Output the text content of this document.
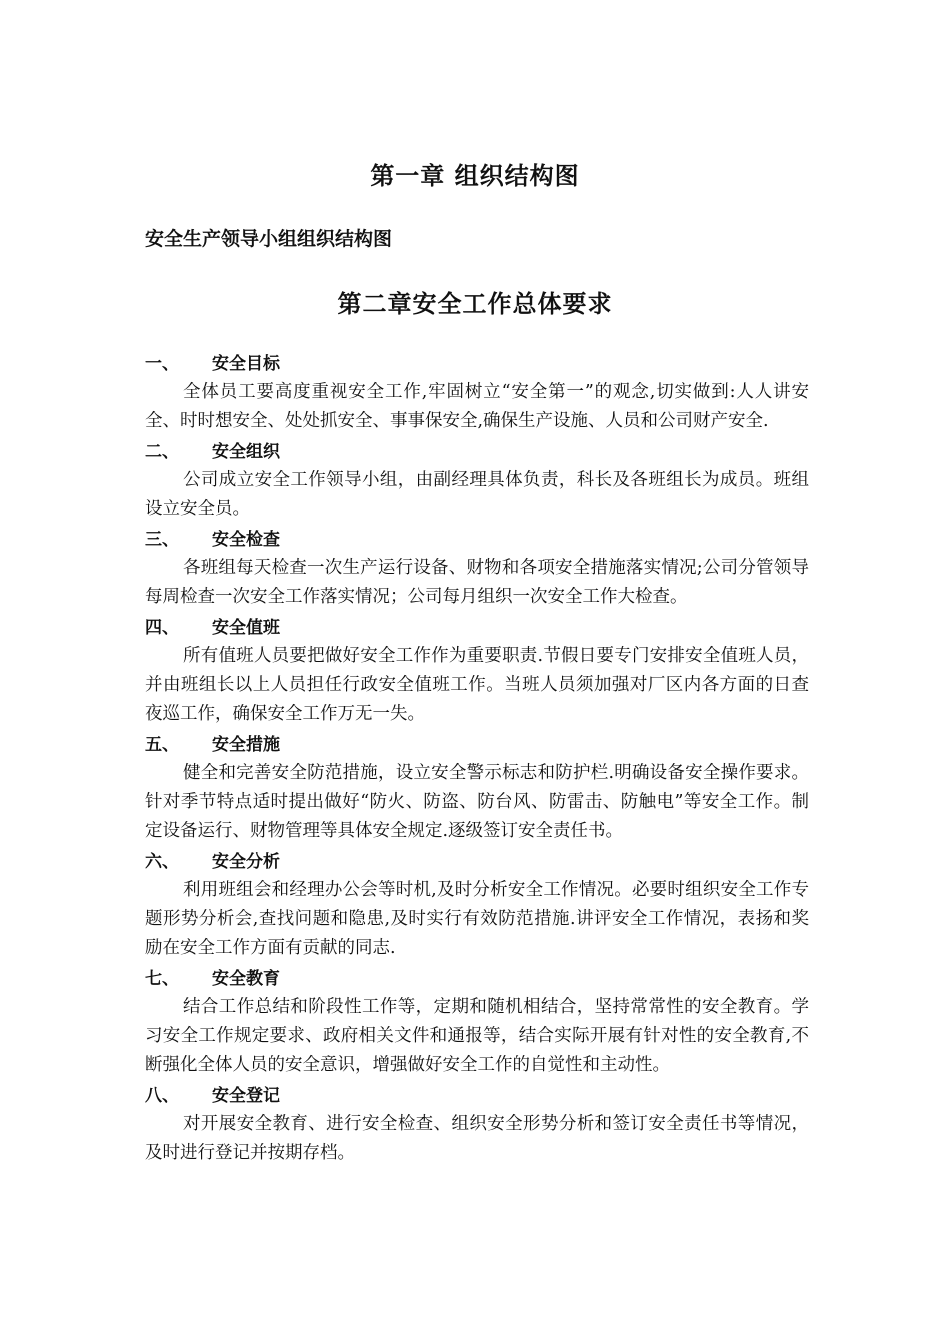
第一章 组织结构图
安全生产领导小组组织结构图
第二章安全工作总体要求
一、 安全目标

全体员工要高度重视安全工作,牢固树立“安全第一”的观念,切实做到:人人讲安全、时时想安全、处处抓安全、事事保安全,确保生产设施、人员和公司财产安全.

二、 安全组织

公司成立安全工作领导小组，由副经理具体负责，科长及各班组长为成员。班组设立安全员。

三、 安全检查

各班组每天检查一次生产运行设备、财物和各项安全措施落实情况;公司分管领导每周检查一次安全工作落实情况；公司每月组织一次安全工作大检查。

四、 安全值班

所有值班人员要把做好安全工作作为重要职责.节假日要专门安排安全值班人员，并由班组长以上人员担任行政安全值班工作。当班人员须加强对厂区内各方面的日查夜巡工作，确保安全工作万无一失。

五、 安全措施

健全和完善安全防范措施，设立安全警示标志和防护栏.明确设备安全操作要求。针对季节特点适时提出做好“防火、防盗、防台风、防雷击、防触电”等安全工作。制定设备运行、财物管理等具体安全规定.逐级签订安全责任书。

六、 安全分析

利用班组会和经理办公会等时机,及时分析安全工作情况。必要时组织安全工作专题形势分析会,查找问题和隐患,及时实行有效防范措施.讲评安全工作情况，表扬和奖励在安全工作方面有贡献的同志.

七、 安全教育

结合工作总结和阶段性工作等，定期和随机相结合，坚持常常性的安全教育。学习安全工作规定要求、政府相关文件和通报等，结合实际开展有针对性的安全教育,不断强化全体人员的安全意识，增强做好安全工作的自觉性和主动性。

八、 安全登记

对开展安全教育、进行安全检查、组织安全形势分析和签订安全责任书等情况，及时进行登记并按期存档。
